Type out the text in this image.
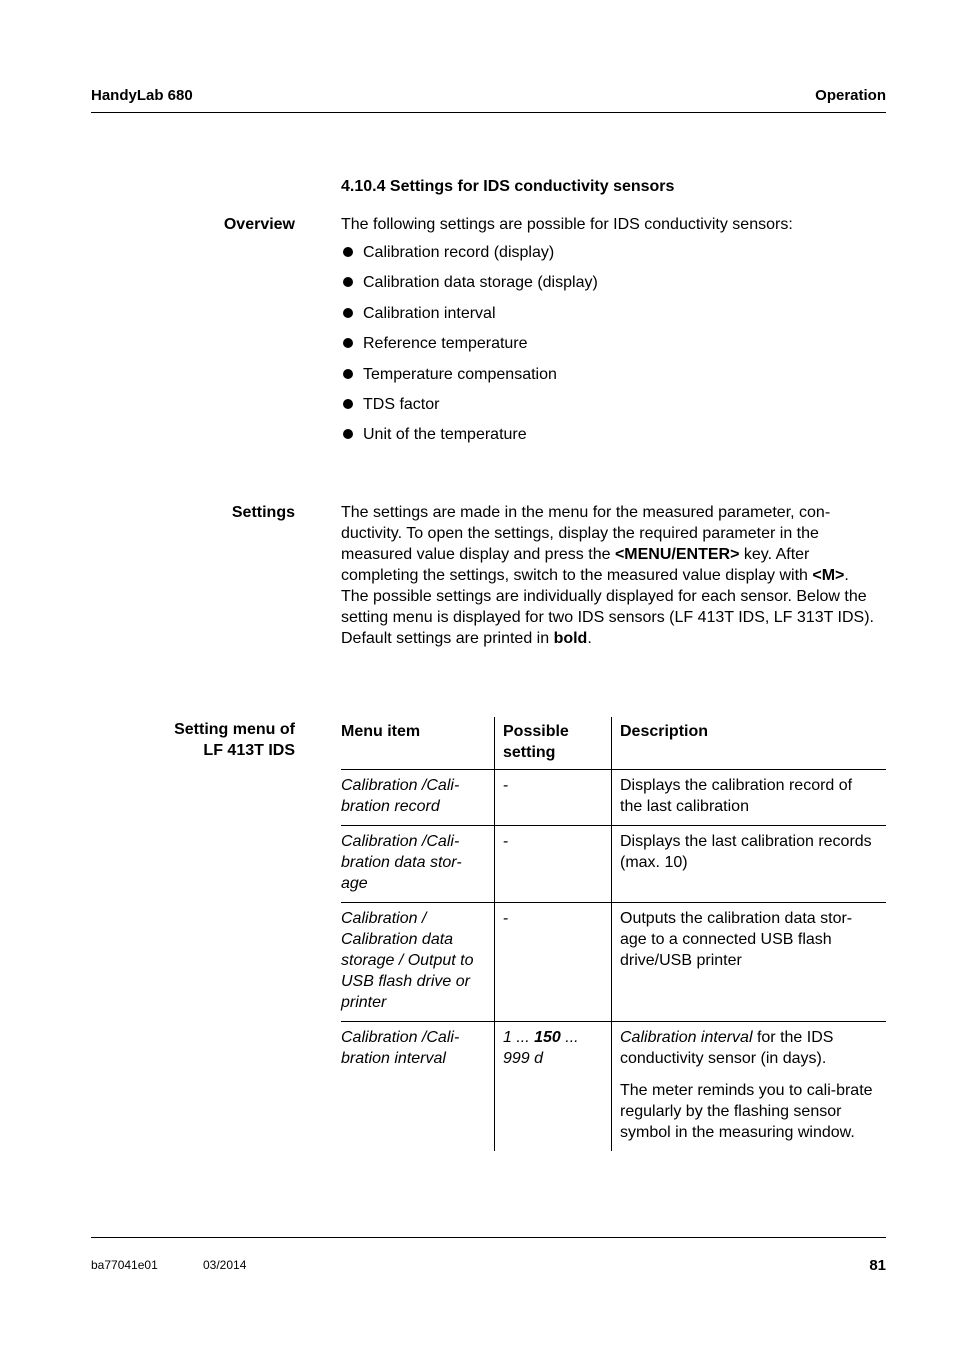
HandyLab 680	Operation
4.10.4 Settings for IDS conductivity sensors
Overview	The following settings are possible for IDS conductivity sensors:
Calibration record (display)
Calibration data storage (display)
Calibration interval
Reference temperature
Temperature compensation
TDS factor
Unit of the temperature
Settings	The settings are made in the menu for the measured parameter, con-ductivity. To open the settings, display the required parameter in the measured value display and press the <MENU/ENTER> key. After completing the settings, switch to the measured value display with <M>.
The possible settings are individually displayed for each sensor. Below the setting menu is displayed for two IDS sensors (LF 413T IDS, LF 313T IDS).
Default settings are printed in bold.
Setting menu of
LF 413T IDS
Menu item	Possible setting	Description
Calibration /Cali-bration record	-	Displays the calibration record of the last calibration
Calibration /Cali-bration data stor-age	-	Displays the last calibration records (max. 10)
Calibration / Calibration data storage / Output to USB flash drive or printer	-	Outputs the calibration data stor-age to a connected USB flash drive/USB printer
Calibration /Cali-bration interval	1 ... 150 ... 999 d	Calibration interval for the IDS conductivity sensor (in days).
The meter reminds you to cali-brate regularly by the flashing sensor symbol in the measuring window.
ba77041e01	03/2014	81
